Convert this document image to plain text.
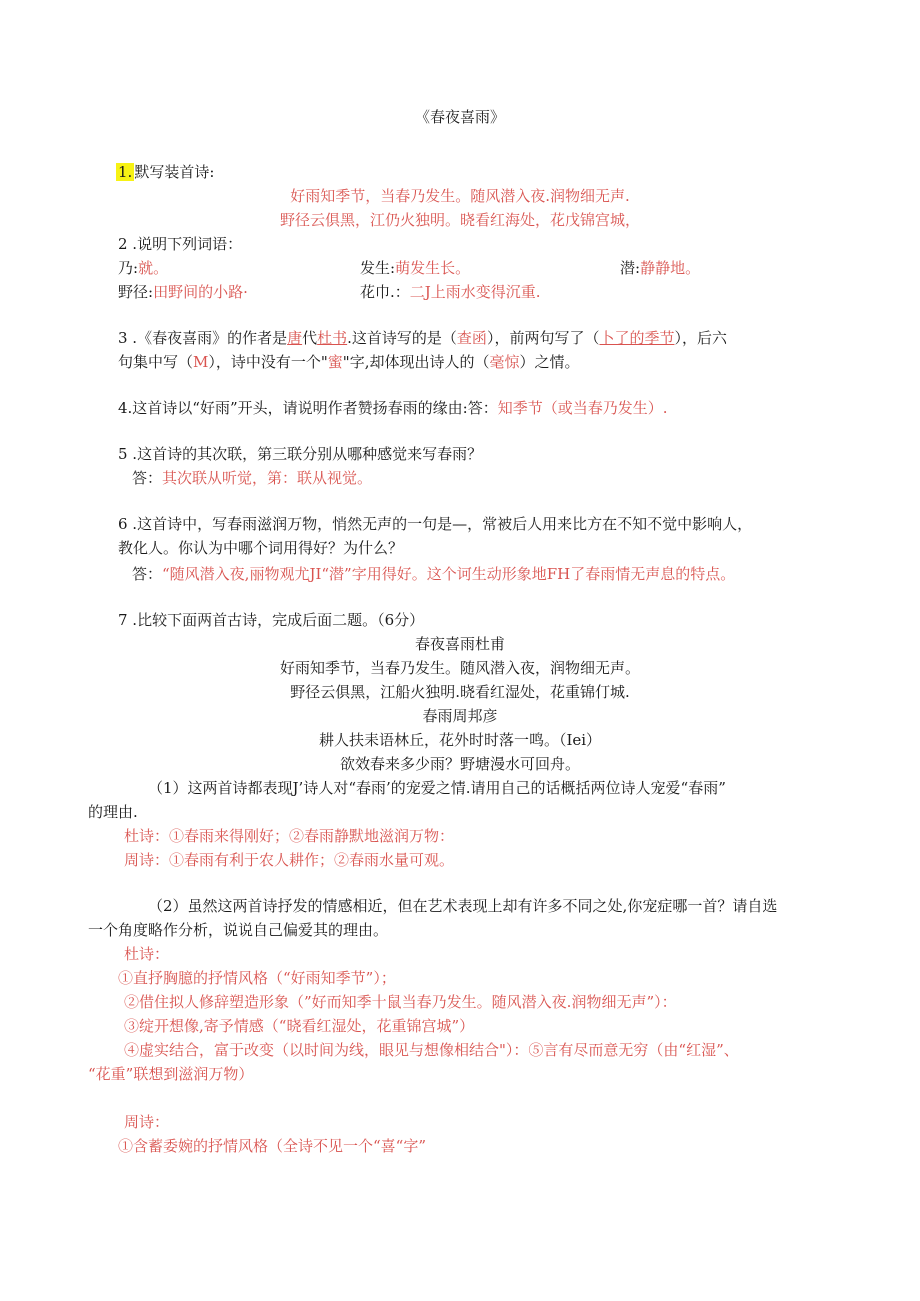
《春夜喜雨》
1. 默写装首诗:
好雨知季节，当春乃发生。随风潜入夜.润物细无声.
野径云俱黑，江仍火独明。晓看红海处，花戊锦宫城，
2 .说明下列词语：
乃:就。	发生:萌发生长。	潜:静静地。
野径:田野间的小路·	花巾.：二J上雨水变得沉重.
3 .《春夜喜雨》的作者是唐代杜书.这首诗写的是（查函），前两句写了（卜了的季节），后六
句集中写（M），诗中没有一个"蜜"字,却体现出诗人的（毫惊）之情。
4.这首诗以“好雨”开头，请说明作者赞扬春雨的缘由:答：知季节（或当春乃发生）.
5 .这首诗的其次联，第三联分别从哪种感觉来写春雨？
答：其次联从听觉，第：联从视觉。
6 .这首诗中，写春雨滋润万物，悄然无声的一句是—，常被后人用来比方在不知不觉中影响人，
教化人。你认为中哪个词用得好？为什么？
答：“随风潜入夜,丽物观尤JI“潜”字用得好。这个诃生动形象地FH了春雨情无声息的特点。
7 .比较下面两首古诗，完成后面二题。（6分）
春夜喜雨杜甫
好雨知季节，当春乃发生。随风潜入夜，润物细无声。
野径云俱黑，江船火独明.晓看红湿处，花重锦仃城.
春雨周邦彦
耕人扶耒语林丘，花外时时落一鸣。（Iei）
欲效春来多少雨？野塘漫水可回舟。
（1）这两首诗都表现J’诗人对“春雨’的宠爱之情.请用自己的话概括两位诗人宠爱“春雨”
的理由.
杜诗：①春雨来得刚好；②春雨静默地滋润万物：
周诗：①春雨有利于农人耕作；②春雨水量可观。
（2）虽然这两首诗抒发的情感相近，但在艺术表现上却有许多不同之处,你宠症哪一首？请自选
一个角度略作分析，说说自己偏爱其的理由。
杜诗：
①直抒胸臆的抒情风格（“好雨知季节”）；
②借住拟人修辞塑造形象（”好而知季十鼠当春乃发生。随风潜入夜.润物细无声”）：
③绽开想像,寄予情感（“晓看红湿处，花重锦宫城”）
④虚实结合，富于改变（以时间为线，眼见与想像相结合"）：⑤言有尽而意无穷（由“红湿”、
“花重”联想到滋润万物）
周诗：
①含蓄委婉的抒情风格（全诗不见一个“喜“字”
